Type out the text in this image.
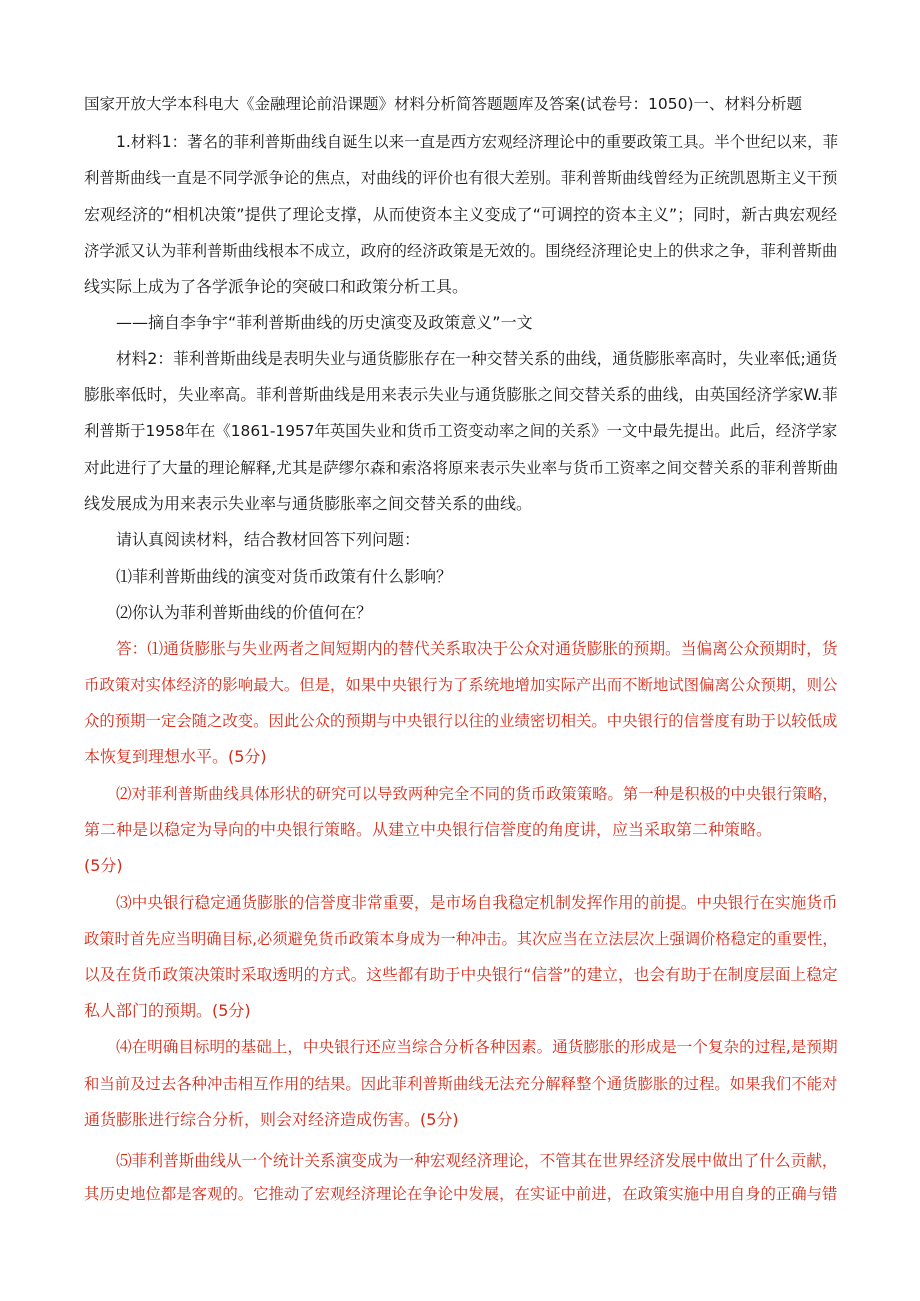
国家开放大学本科电大《金融理论前沿课题》材料分析简答题题库及答案(试卷号：1050)一、材料分析题
1.材料1：著名的菲利普斯曲线自诞生以来一直是西方宏观经济理论中的重要政策工具。半个世纪以来，菲
利普斯曲线一直是不同学派争论的焦点，对曲线的评价也有很大差别。菲利普斯曲线曾经为正统凯恩斯主义干预
宏观经济的“相机决策”提供了理论支撑，从而使资本主义变成了“可调控的资本主义”；同时，新古典宏观经
济学派又认为菲利普斯曲线根本不成立，政府的经济政策是无效的。围绕经济理论史上的供求之争，菲利普斯曲
线实际上成为了各学派争论的突破口和政策分析工具。
——摘自李争宇“菲利普斯曲线的历史演变及政策意义”一文
材料2：菲利普斯曲线是表明失业与通货膨胀存在一种交替关系的曲线，通货膨胀率高时，失业率低;通货
膨胀率低时，失业率高。菲利普斯曲线是用来表示失业与通货膨胀之间交替关系的曲线，由英国经济学家W.菲
利普斯于1958年在《1861-1957年英国失业和货币工资变动率之间的关系》一文中最先提出。此后，经济学家
对此进行了大量的理论解释,尤其是萨缪尔森和索洛将原来表示失业率与货币工资率之间交替关系的菲利普斯曲
线发展成为用来表示失业率与通货膨胀率之间交替关系的曲线。
请认真阅读材料，结合教材回答下列问题：
⑴菲利普斯曲线的演变对货币政策有什么影响？
⑵你认为菲利普斯曲线的价值何在？
答：⑴通货膨胀与失业两者之间短期内的替代关系取决于公众对通货膨胀的预期。当偏离公众预期时，货
币政策对实体经济的影响最大。但是，如果中央银行为了系统地增加实际产出而不断地试图偏离公众预期，则公
众的预期一定会随之改变。因此公众的预期与中央银行以往的业绩密切相关。中央银行的信誉度有助于以较低成
本恢复到理想水平。(5分)
⑵对菲利普斯曲线具体形状的研究可以导致两种完全不同的货币政策策略。第一种是积极的中央银行策略，
第二种是以稳定为导向的中央银行策略。从建立中央银行信誉度的角度讲，应当采取第二种策略。
(5分)
⑶中央银行稳定通货膨胀的信誉度非常重要，是市场自我稳定机制发挥作用的前提。中央银行在实施货币
政策时首先应当明确目标,必须避免货币政策本身成为一种冲击。其次应当在立法层次上强调价格稳定的重要性，
以及在货币政策决策时采取透明的方式。这些都有助于中央银行“信誉”的建立，也会有助于在制度层面上稳定
私人部门的预期。(5分)
⑷在明确目标明的基础上，中央银行还应当综合分析各种因素。通货膨胀的形成是一个复杂的过程,是预期
和当前及过去各种冲击相互作用的结果。因此菲利普斯曲线无法充分解释整个通货膨胀的过程。如果我们不能对
通货膨胀进行综合分析，则会对经济造成伤害。(5分)
⑸菲利普斯曲线从一个统计关系演变成为一种宏观经济理论，不管其在世界经济发展中做出了什么贡献，
其历史地位都是客观的。它推动了宏观经济理论在争论中发展，在实证中前进，在政策实施中用自身的正确与错
